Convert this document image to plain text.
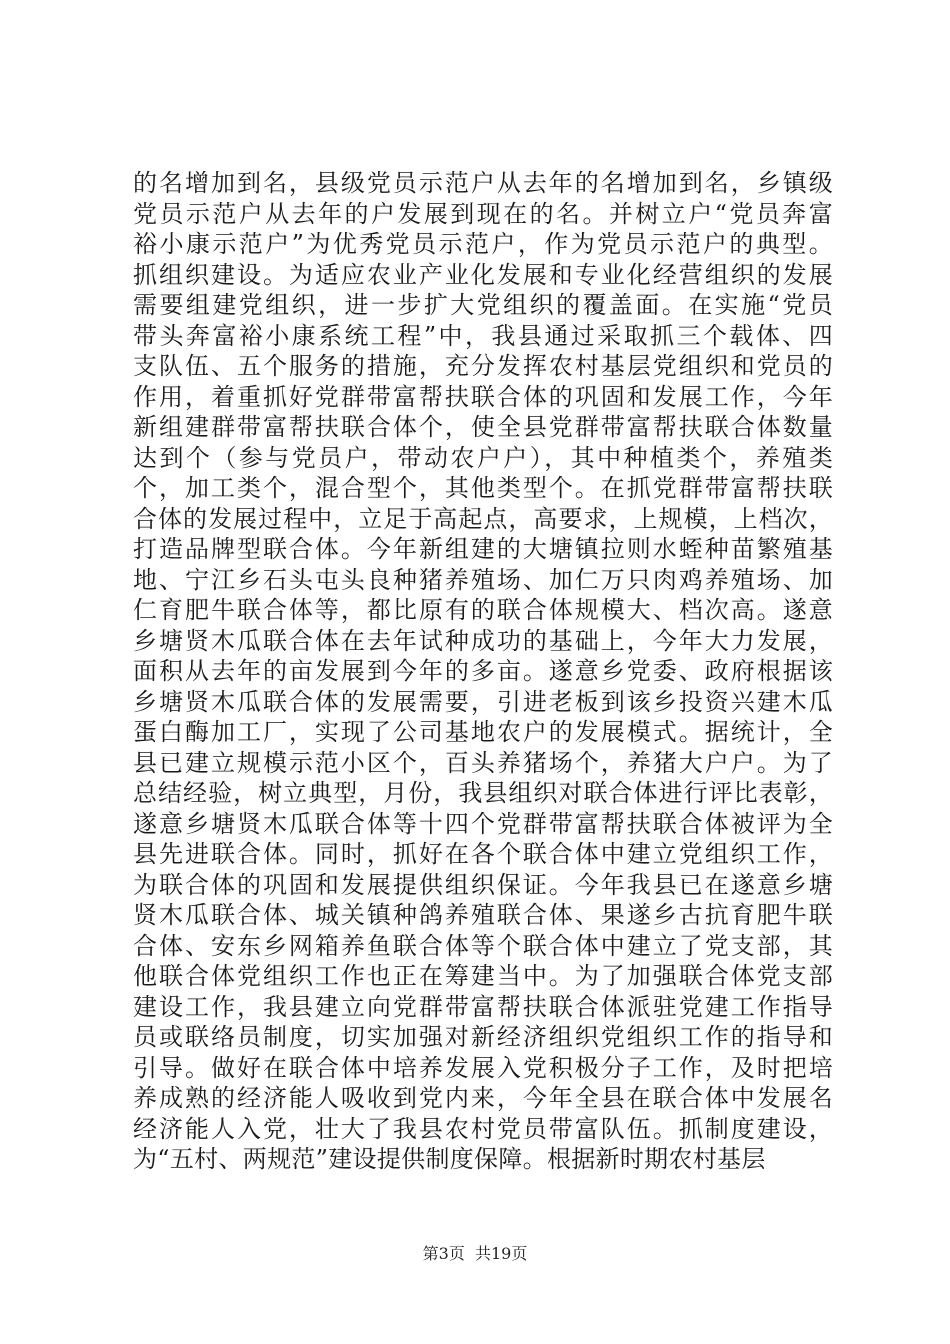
的名增加到名，县级党员示范户从去年的名增加到名，乡镇级
党员示范户从去年的户发展到现在的名。并树立户“党员奔富
裕小康示范户”为优秀党员示范户，作为党员示范户的典型。
抓组织建设。为适应农业产业化发展和专业化经营组织的发展
需要组建党组织，进一步扩大党组织的覆盖面。在实施“党员
带头奔富裕小康系统工程”中，我县通过采取抓三个载体、四
支队伍、五个服务的措施，充分发挥农村基层党组织和党员的
作用，着重抓好党群带富帮扶联合体的巩固和发展工作，今年
新组建群带富帮扶联合体个，使全县党群带富帮扶联合体数量
达到个（参与党员户，带动农户户），其中种植类个，养殖类
个，加工类个，混合型个，其他类型个。在抓党群带富帮扶联
合体的发展过程中，立足于高起点，高要求，上规模，上档次，
打造品牌型联合体。今年新组建的大塘镇拉则水蛭种苗繁殖基
地、宁江乡石头屯头良种猪养殖场、加仁万只肉鸡养殖场、加
仁育肥牛联合体等，都比原有的联合体规模大、档次高。遂意
乡塘贤木瓜联合体在去年试种成功的基础上，今年大力发展，
面积从去年的亩发展到今年的多亩。遂意乡党委、政府根据该
乡塘贤木瓜联合体的发展需要，引进老板到该乡投资兴建木瓜
蛋白酶加工厂，实现了公司基地农户的发展模式。据统计，全
县已建立规模示范小区个，百头养猪场个，养猪大户户。为了
总结经验，树立典型，月份，我县组织对联合体进行评比表彰，
遂意乡塘贤木瓜联合体等十四个党群带富帮扶联合体被评为全
县先进联合体。同时，抓好在各个联合体中建立党组织工作，
为联合体的巩固和发展提供组织保证。今年我县已在遂意乡塘
贤木瓜联合体、城关镇种鸽养殖联合体、果遂乡古抗育肥牛联
合体、安东乡网箱养鱼联合体等个联合体中建立了党支部，其
他联合体党组织工作也正在筹建当中。为了加强联合体党支部
建设工作，我县建立向党群带富帮扶联合体派驻党建工作指导
员或联络员制度，切实加强对新经济组织党组织工作的指导和
引导。做好在联合体中培养发展入党积极分子工作，及时把培
养成熟的经济能人吸收到党内来，今年全县在联合体中发展名
经济能人入党，壮大了我县农村党员带富队伍。抓制度建设，
为“五村、两规范”建设提供制度保障。根据新时期农村基层
第3页  共19页
